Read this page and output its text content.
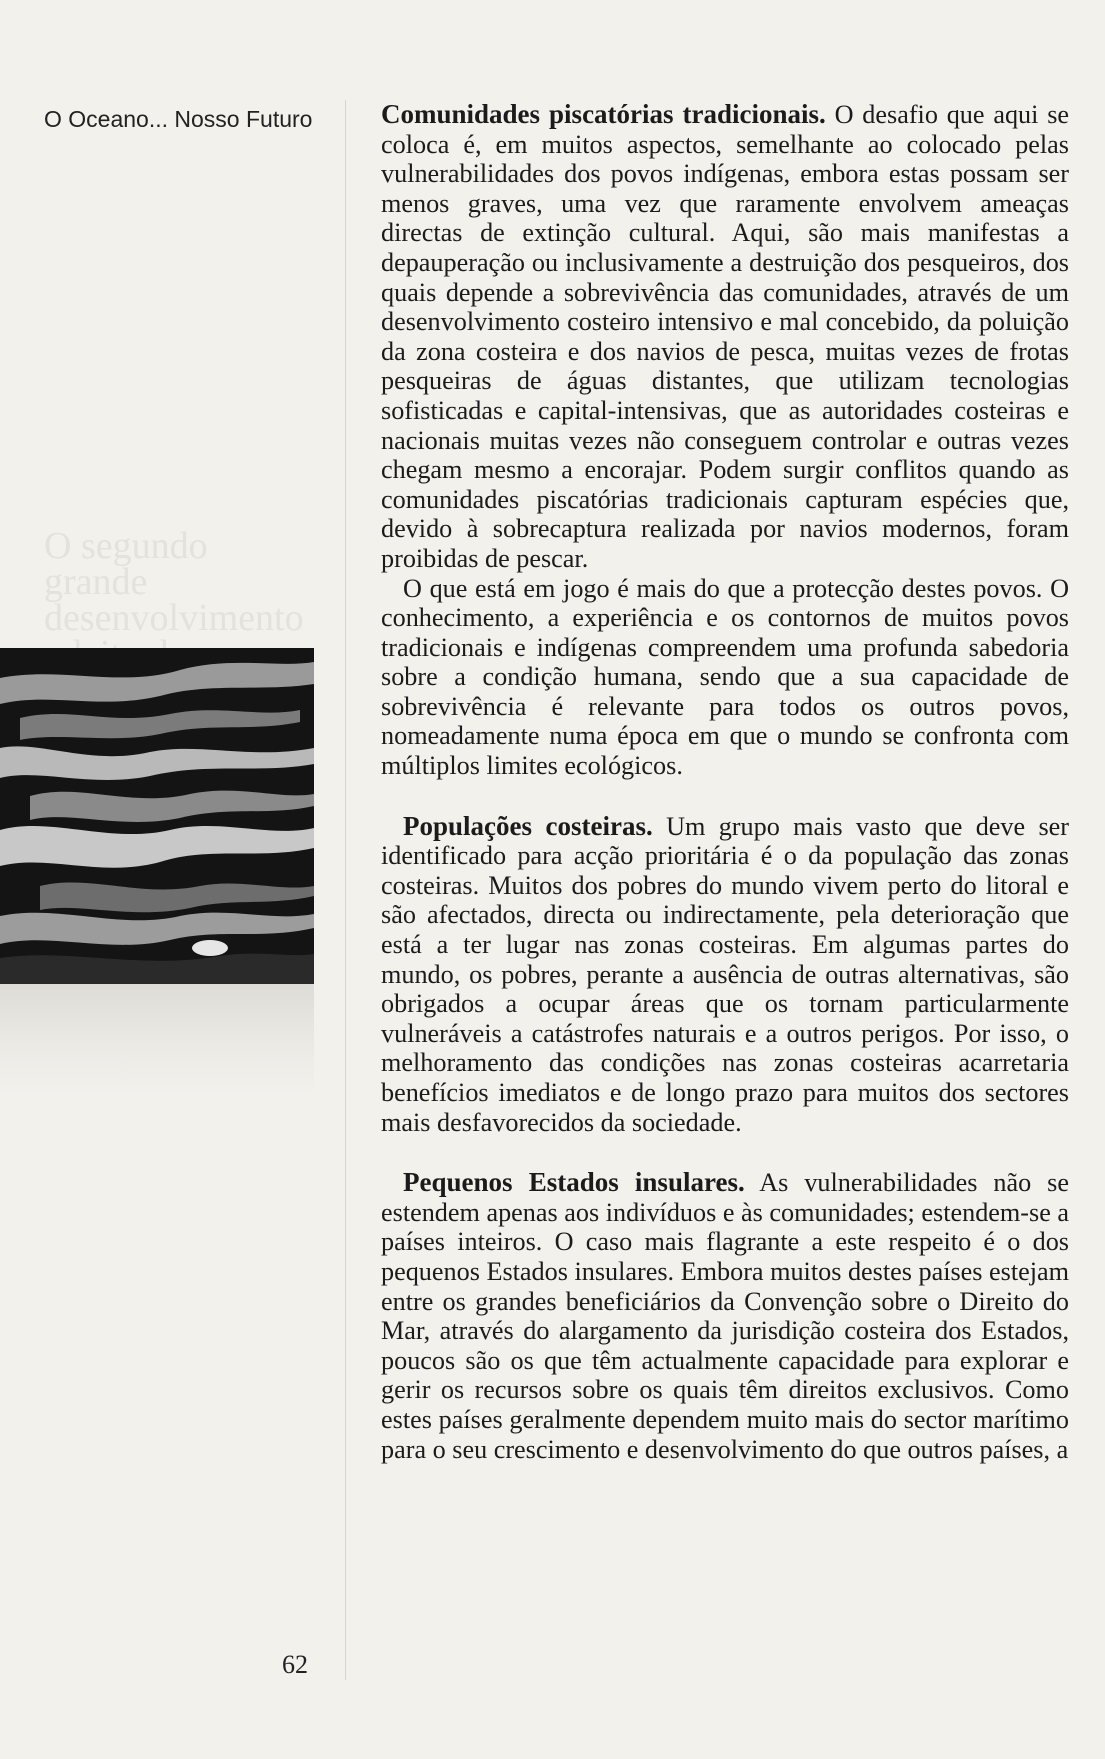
O Oceano... Nosso Futuro
O segundo
grande
desenvolvimento

Comunidades piscatórias tradicionais. O desafio que aqui se coloca é, em muitos aspectos, semelhante ao colocado pelas vulnerabilidades dos povos indígenas, embora estas possam ser menos graves, uma vez que raramente envolvem ameaças directas de extinção cultural. Aqui, são mais manifestas a depauperação ou inclusivamente a destruição dos pesqueiros, dos quais depende a sobrevivência das comunidades, através de um desenvolvimento costeiro intensivo e mal concebido, da poluição da zona costeira e dos navios de pesca, muitas vezes de frotas pesqueiras de águas distantes, que utilizam tecnologias sofisticadas e capital-intensivas, que as autoridades costeiras e nacionais muitas vezes não conseguem controlar e outras vezes chegam mesmo a encorajar. Podem surgir conflitos quando as comunidades piscatórias tradicionais capturam espécies que, devido à sobrecaptura realizada por navios modernos, foram proibidas de pescar.

O que está em jogo é mais do que a protecção destes povos. O conhecimento, a experiência e os contornos de muitos povos tradicionais e indígenas compreendem uma profunda sabedoria sobre a condição humana, sendo que a sua capacidade de sobrevivência é relevante para todos os outros povos, nomeadamente numa época em que o mundo se confronta com múltiplos limites ecológicos.

Populações costeiras. Um grupo mais vasto que deve ser identificado para acção prioritária é o da população das zonas costeiras. Muitos dos pobres do mundo vivem perto do litoral e são afectados, directa ou indirectamente, pela deterioração que está a ter lugar nas zonas costeiras. Em algumas partes do mundo, os pobres, perante a ausência de outras alternativas, são obrigados a ocupar áreas que os tornam particularmente vulneráveis a catástrofes naturais e a outros perigos. Por isso, o melhoramento das condições nas zonas costeiras acarretaria benefícios imediatos e de longo prazo para muitos dos sectores mais desfavorecidos da sociedade.

Pequenos Estados insulares. As vulnerabilidades não se estendem apenas aos indivíduos e às comunidades; estendem-se a países inteiros. O caso mais flagrante a este respeito é o dos pequenos Estados insulares. Embora muitos destes países estejam entre os grandes beneficiários da Convenção sobre o Direito do Mar, através do alargamento da jurisdição costeira dos Estados, poucos são os que têm actualmente capacidade para explorar e gerir os recursos sobre os quais têm direitos exclusivos. Como estes países geralmente dependem muito mais do sector marítimo para o seu crescimento e desenvolvimento do que outros países, a

62
